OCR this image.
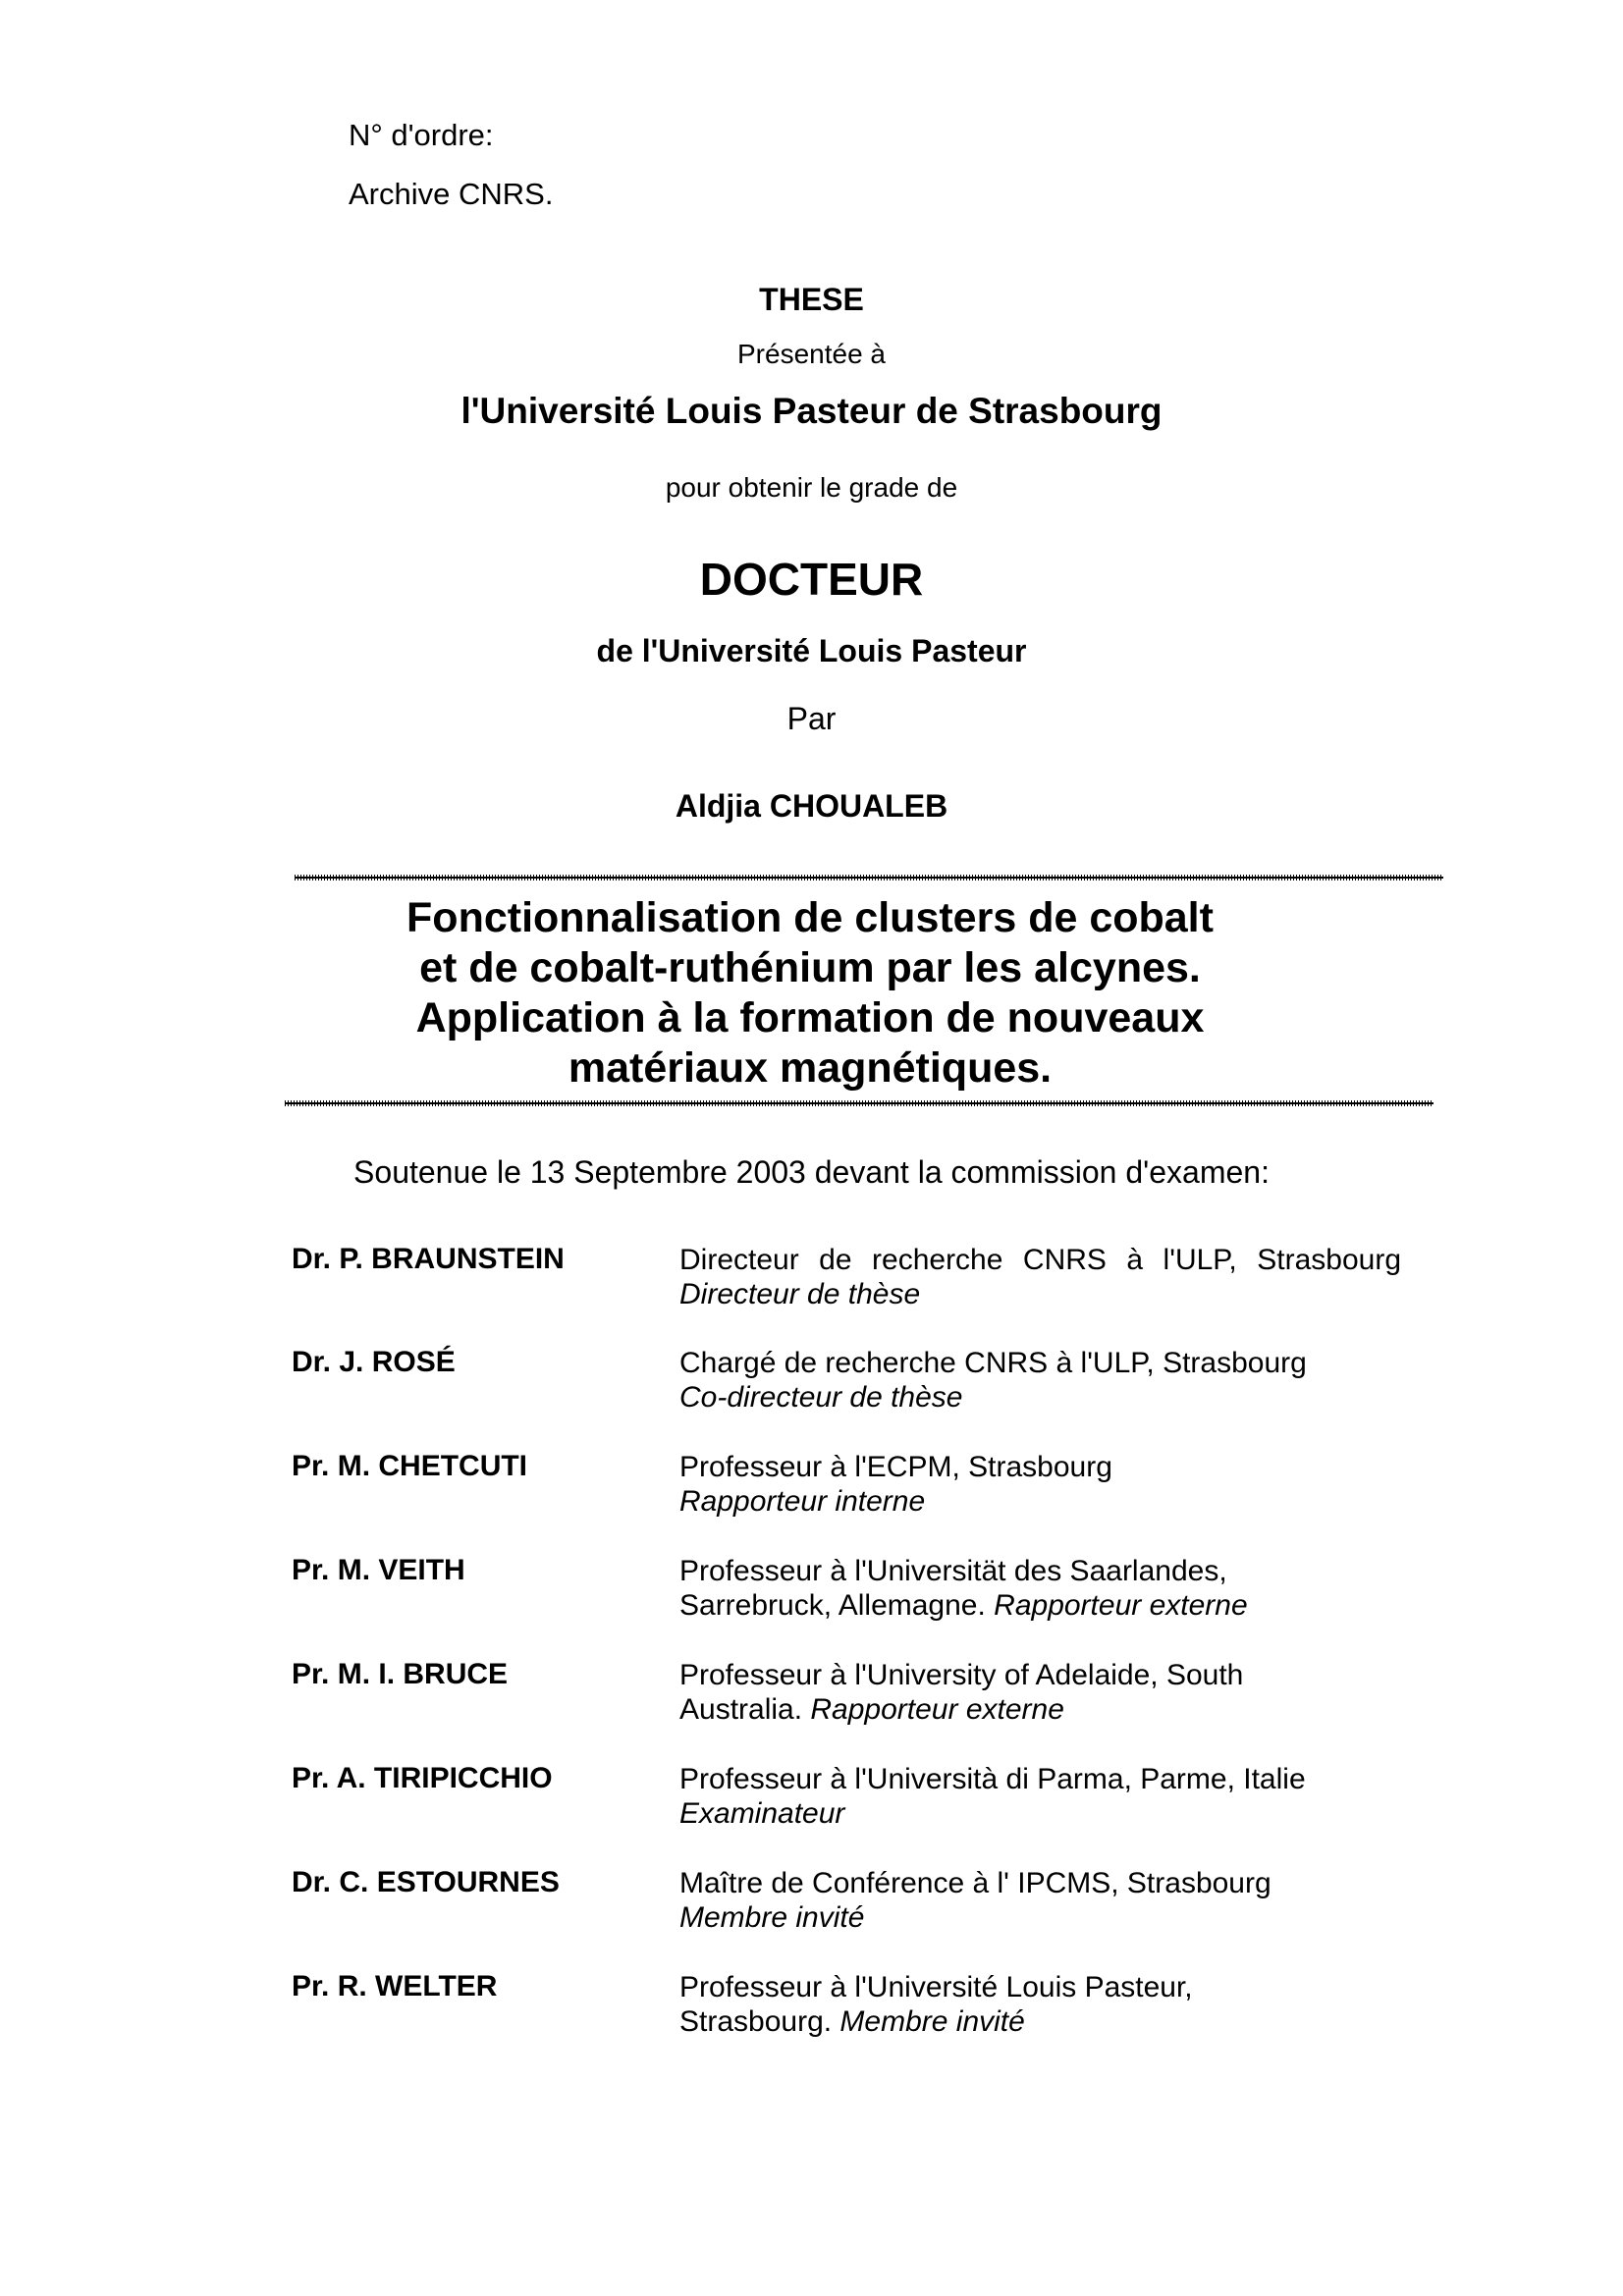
N° d'ordre:
Archive CNRS.
THESE
Présentée à
l'Université Louis Pasteur de Strasbourg
pour obtenir le grade de
DOCTEUR
de l'Université Louis Pasteur
Par
Aldjia CHOUALEB
Fonctionnalisation de clusters de cobalt
et de cobalt-ruthénium par les alcynes.
Application à la formation de nouveaux
matériaux magnétiques.
Soutenue le 13 Septembre 2003 devant la commission d'examen:
Dr. P. BRAUNSTEIN	Directeur de recherche CNRS à l'ULP, Strasbourg
Directeur de thèse
Dr. J. ROSÉ	Chargé de recherche CNRS à l'ULP, Strasbourg
Co-directeur de thèse
Pr. M. CHETCUTI	Professeur à l'ECPM, Strasbourg
Rapporteur interne
Pr. M. VEITH	Professeur à l'Universität des Saarlandes,
Sarrebruck, Allemagne. Rapporteur externe
Pr. M. I. BRUCE	Professeur à l'University of Adelaide, South
Australia. Rapporteur externe
Pr. A. TIRIPICCHIO	Professeur à l'Università di Parma, Parme, Italie
Examinateur
Dr. C. ESTOURNES	Maître de Conférence à l' IPCMS, Strasbourg
Membre invité
Pr. R. WELTER	Professeur à l'Université Louis Pasteur,
Strasbourg. Membre invité
